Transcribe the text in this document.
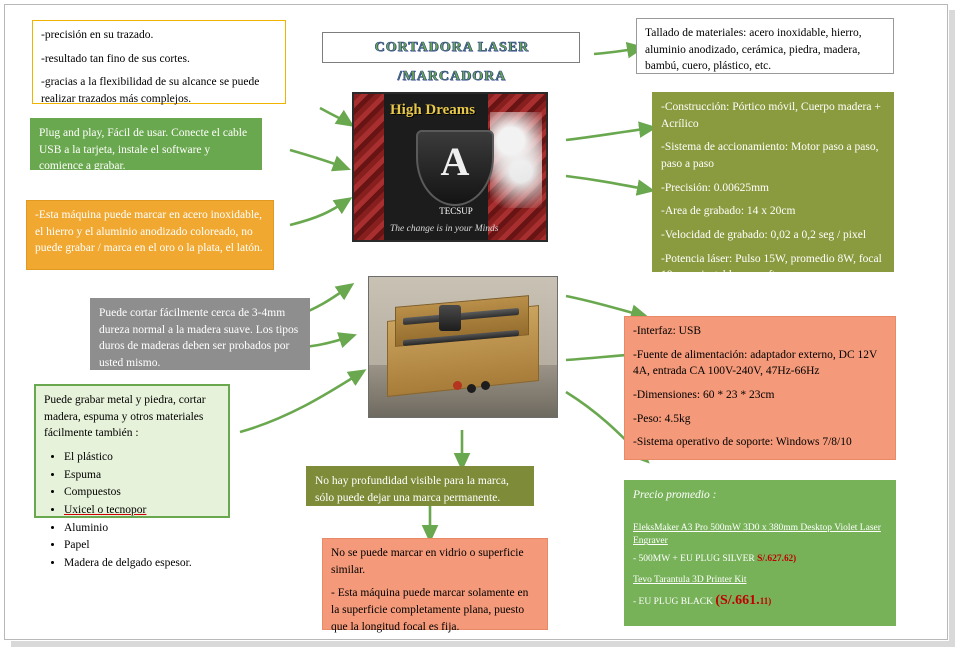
CORTADORA LASER /MARCADORA
High Dreams
A
TECSUP
The change is in your Minds

-precisión en su trazado.

-resultado tan fino de sus cortes.

-gracias a la flexibilidad de su alcance se puede realizar trazados más complejos.

Tallado de materiales: acero inoxidable, hierro, aluminio anodizado, cerámica, piedra, madera, bambú, cuero, plástico, etc.

Plug and play, Fácil de usar. Conecte el cable USB a la tarjeta, instale el software y comience a grabar.

-Esta máquina puede marcar en acero inoxidable, el hierro y el aluminio anodizado coloreado, no puede grabar / marca en el oro o la plata, el latón.

Puede cortar fácilmente cerca de 3-4mm dureza normal a la madera suave. Los tipos duros de maderas deben ser probados por usted mismo.

Puede grabar metal y piedra, cortar madera, espuma y otros materiales fácilmente también :

• El plástico
• Espuma
• Compuestos
• Uxicel o tecnopor
• Aluminio
• Papel
• Madera de delgado espesor.

No hay profundidad visible para la marca, sólo puede dejar una marca permanente.

No se puede marcar en vidrio o superficie similar.

- Esta máquina puede marcar solamente en la superficie completamente plana, puesto que la longitud focal es fija.

-Construcción: Pórtico móvil, Cuerpo madera + Acrílico

-Sistema de accionamiento: Motor paso a paso, paso a paso

-Precisión: 0.00625mm

-Area de grabado: 14 x 20cm

-Velocidad de grabado: 0,02 a 0,2 seg / pixel

-Potencia láser: Pulso 15W, promedio 8W, focal 18mm. ajustable por software

-Interfaz: USB

-Fuente de alimentación: adaptador externo, DC 12V 4A, entrada CA 100V-240V, 47Hz-66Hz

-Dimensiones: 60 * 23 * 23cm

-Peso: 4.5kg

-Sistema operativo de soporte: Windows 7/8/10

Precio promedio :

EleksMaker A3 Pro 500mW 3D0 x 380mm Desktop Violet Laser Engraver

- 500MW + EU PLUG SILVER S/.627.62)

Tevo Tarantula 3D Printer Kit

- EU PLUG BLACK (S/.661.11)
